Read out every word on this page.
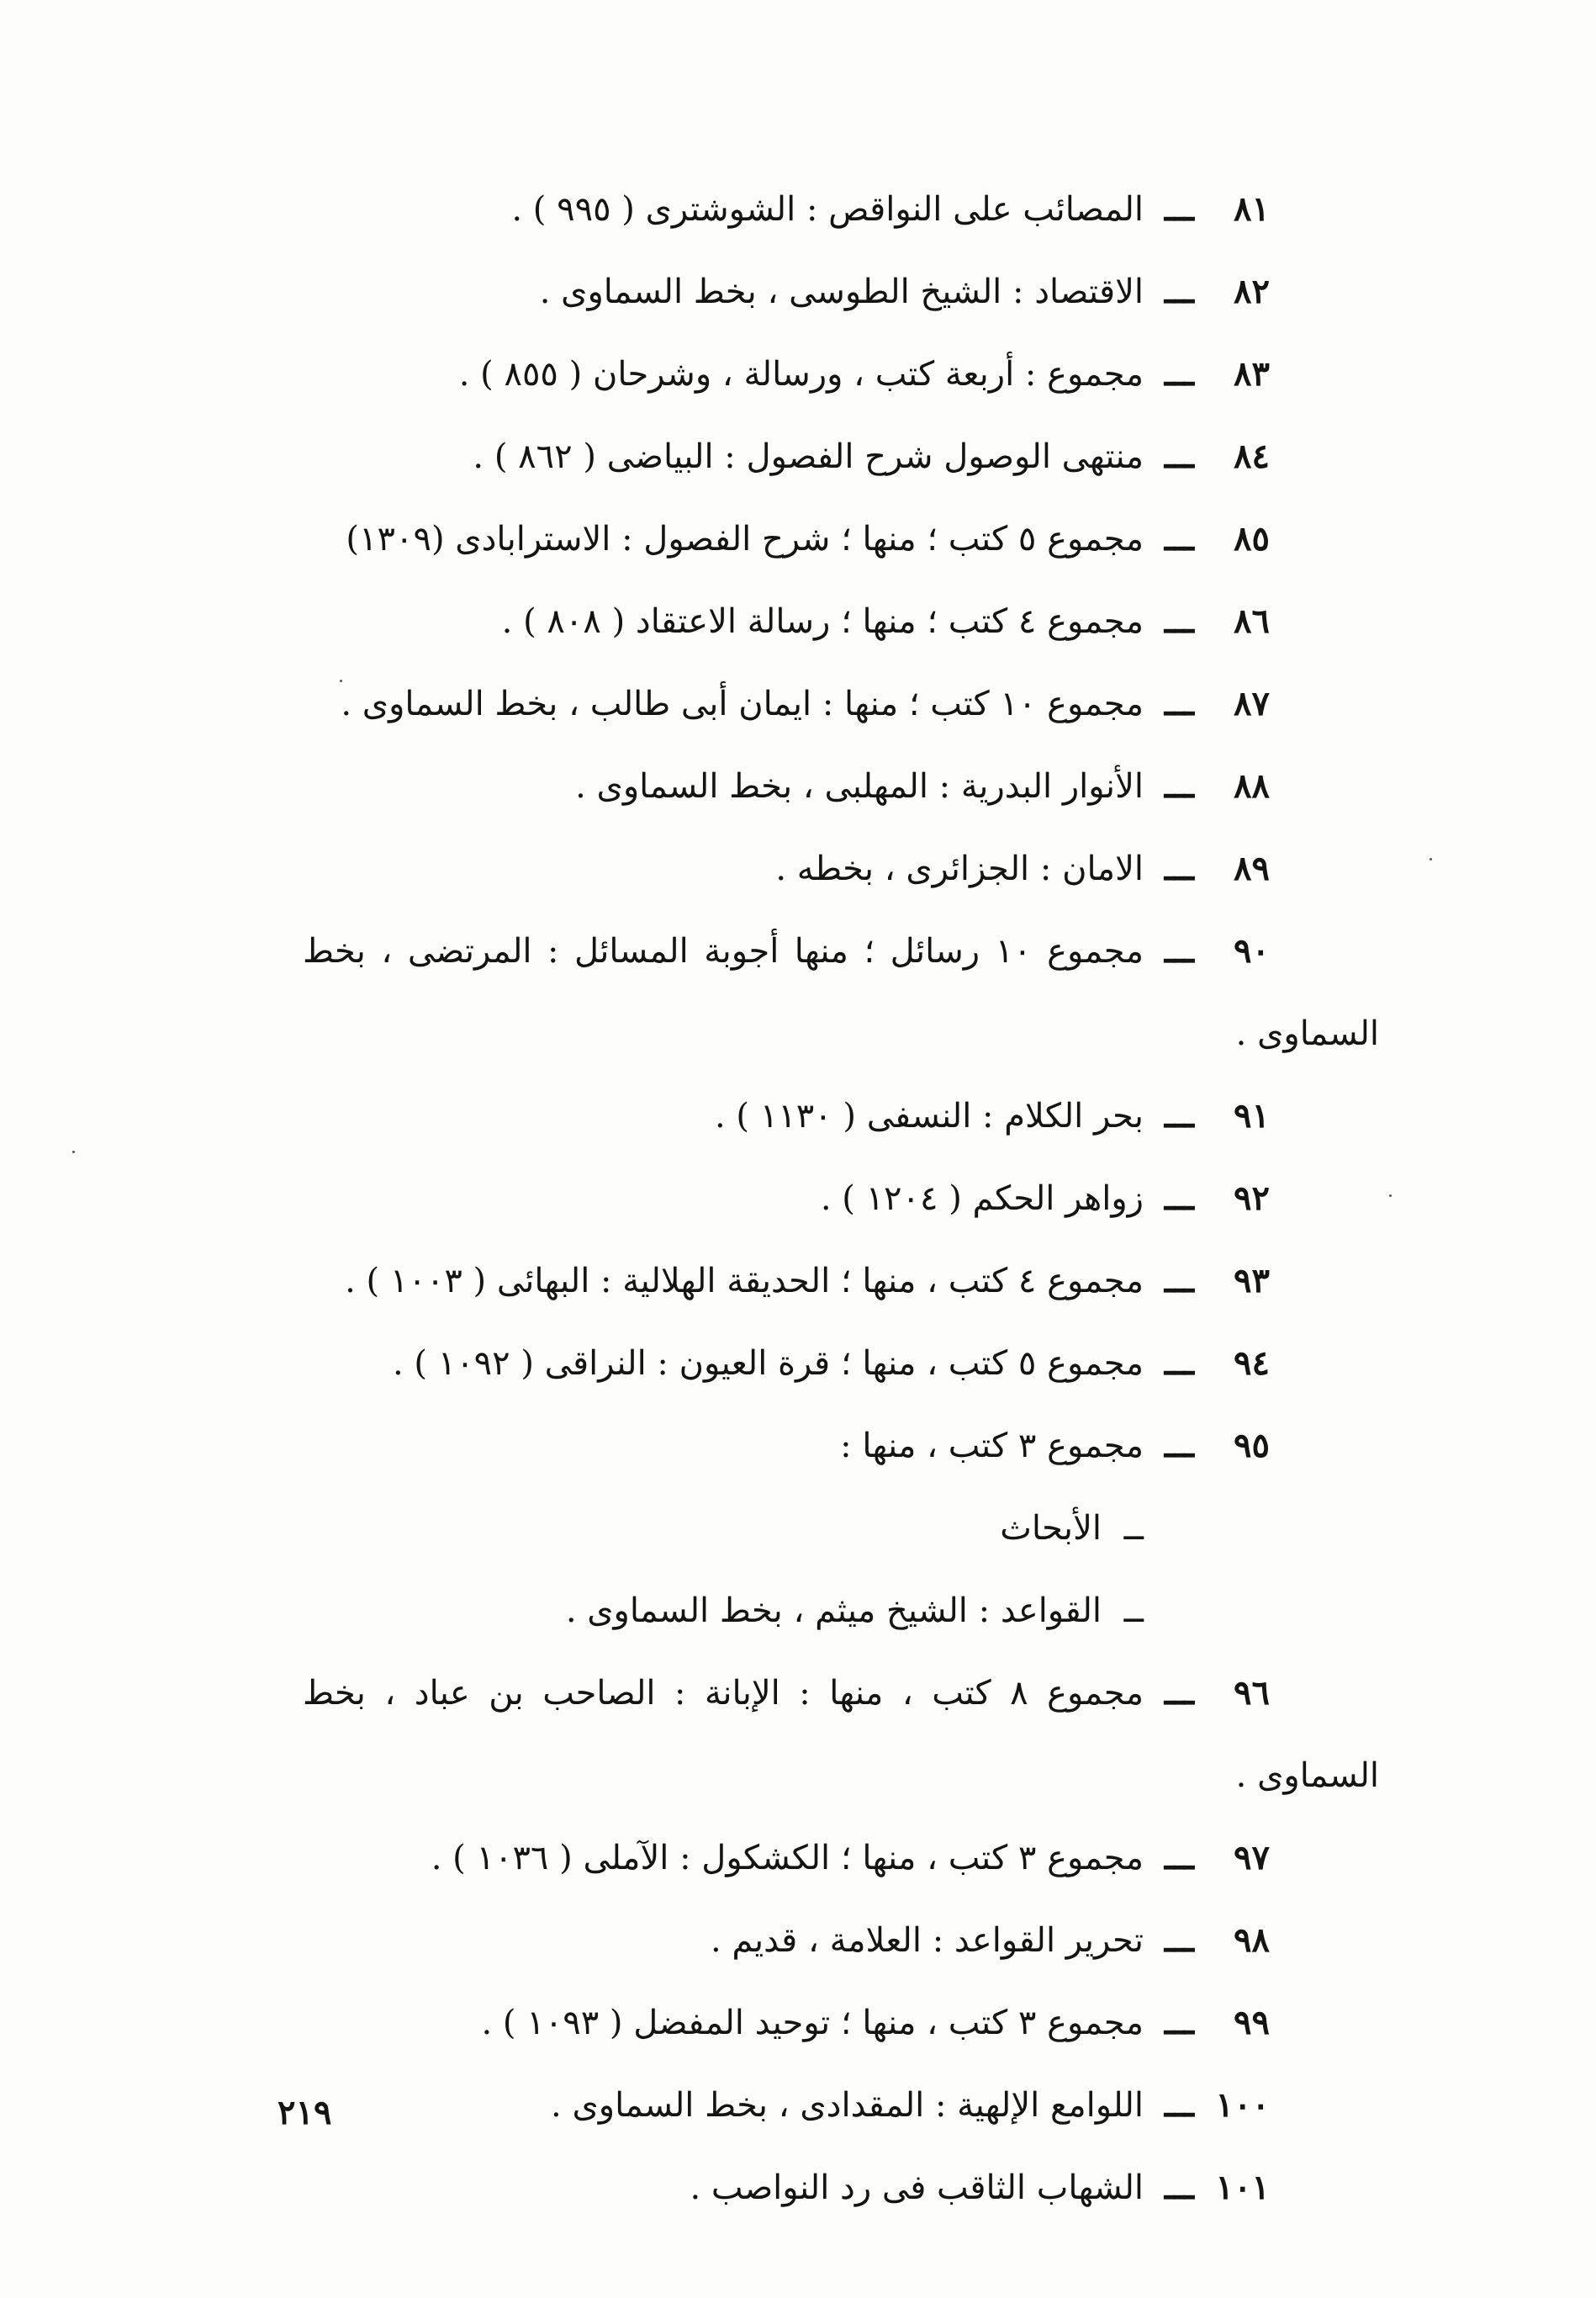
٨١
ـــ
المصائب على النواقص : الشوشترى ( ٩٩٥ ) .
٨٢
ـــ
الاقتصاد : الشيخ الطوسى ، بخط السماوى .
٨٣
ـــ
مجموع : أربعة كتب ، ورسالة ، وشرحان ( ٨٥٥ ) .
٨٤
ـــ
منتهى الوصول شرح الفصول : البياضى ( ٨٦٢ ) .
٨٥
ـــ
مجموع ٥ كتب ؛ منها ؛ شرح الفصول : الاسترابادى (١٣٠٩)
٨٦
ـــ
مجموع ٤ كتب ؛ منها ؛ رسالة الاعتقاد ( ٨٠٨ ) .
٨٧
ـــ
مجموع ١٠ كتب ؛ منها : ايمان أبى طالب ، بخط السماوى .
٨٨
ـــ
الأنوار البدرية : المهلبى ، بخط السماوى .
٨٩
ـــ
الامان : الجزائرى ، بخطه .
٩٠
ـــ
مجموع ١٠ رسائل ؛ منها أجوبة المسائل : المرتضى ، بخط
السماوى .
٩١
ـــ
بحر الكلام : النسفى ( ١١٣٠ ) .
٩٢
ـــ
زواهر الحكم ( ١٢٠٤ ) .
٩٣
ـــ
مجموع ٤ كتب ، منها ؛ الحديقة الهلالية : البهائى ( ١٠٠٣ ) .
٩٤
ـــ
مجموع ٥ كتب ، منها ؛ قرة العيون : النراقى ( ١٠٩٢ ) .
٩٥
ـــ
مجموع ٣ كتب ، منها :
ــ
الأبحاث
ــ
القواعد : الشيخ ميثم ، بخط السماوى .
٩٦
ـــ
مجموع ٨ كتب ، منها : الإبانة : الصاحب بن عباد ، بخط
السماوى .
٩٧
ـــ
مجموع ٣ كتب ، منها ؛ الكشكول : الآملى ( ١٠٣٦ ) .
٩٨
ـــ
تحرير القواعد : العلامة ، قديم .
٩٩
ـــ
مجموع ٣ كتب ، منها ؛ توحيد المفضل ( ١٠٩٣ ) .
١٠٠
ـــ
اللوامع الإلهية : المقدادى ، بخط السماوى .
١٠١
ـــ
الشهاب الثاقب فى رد النواصب .
٢١٩
